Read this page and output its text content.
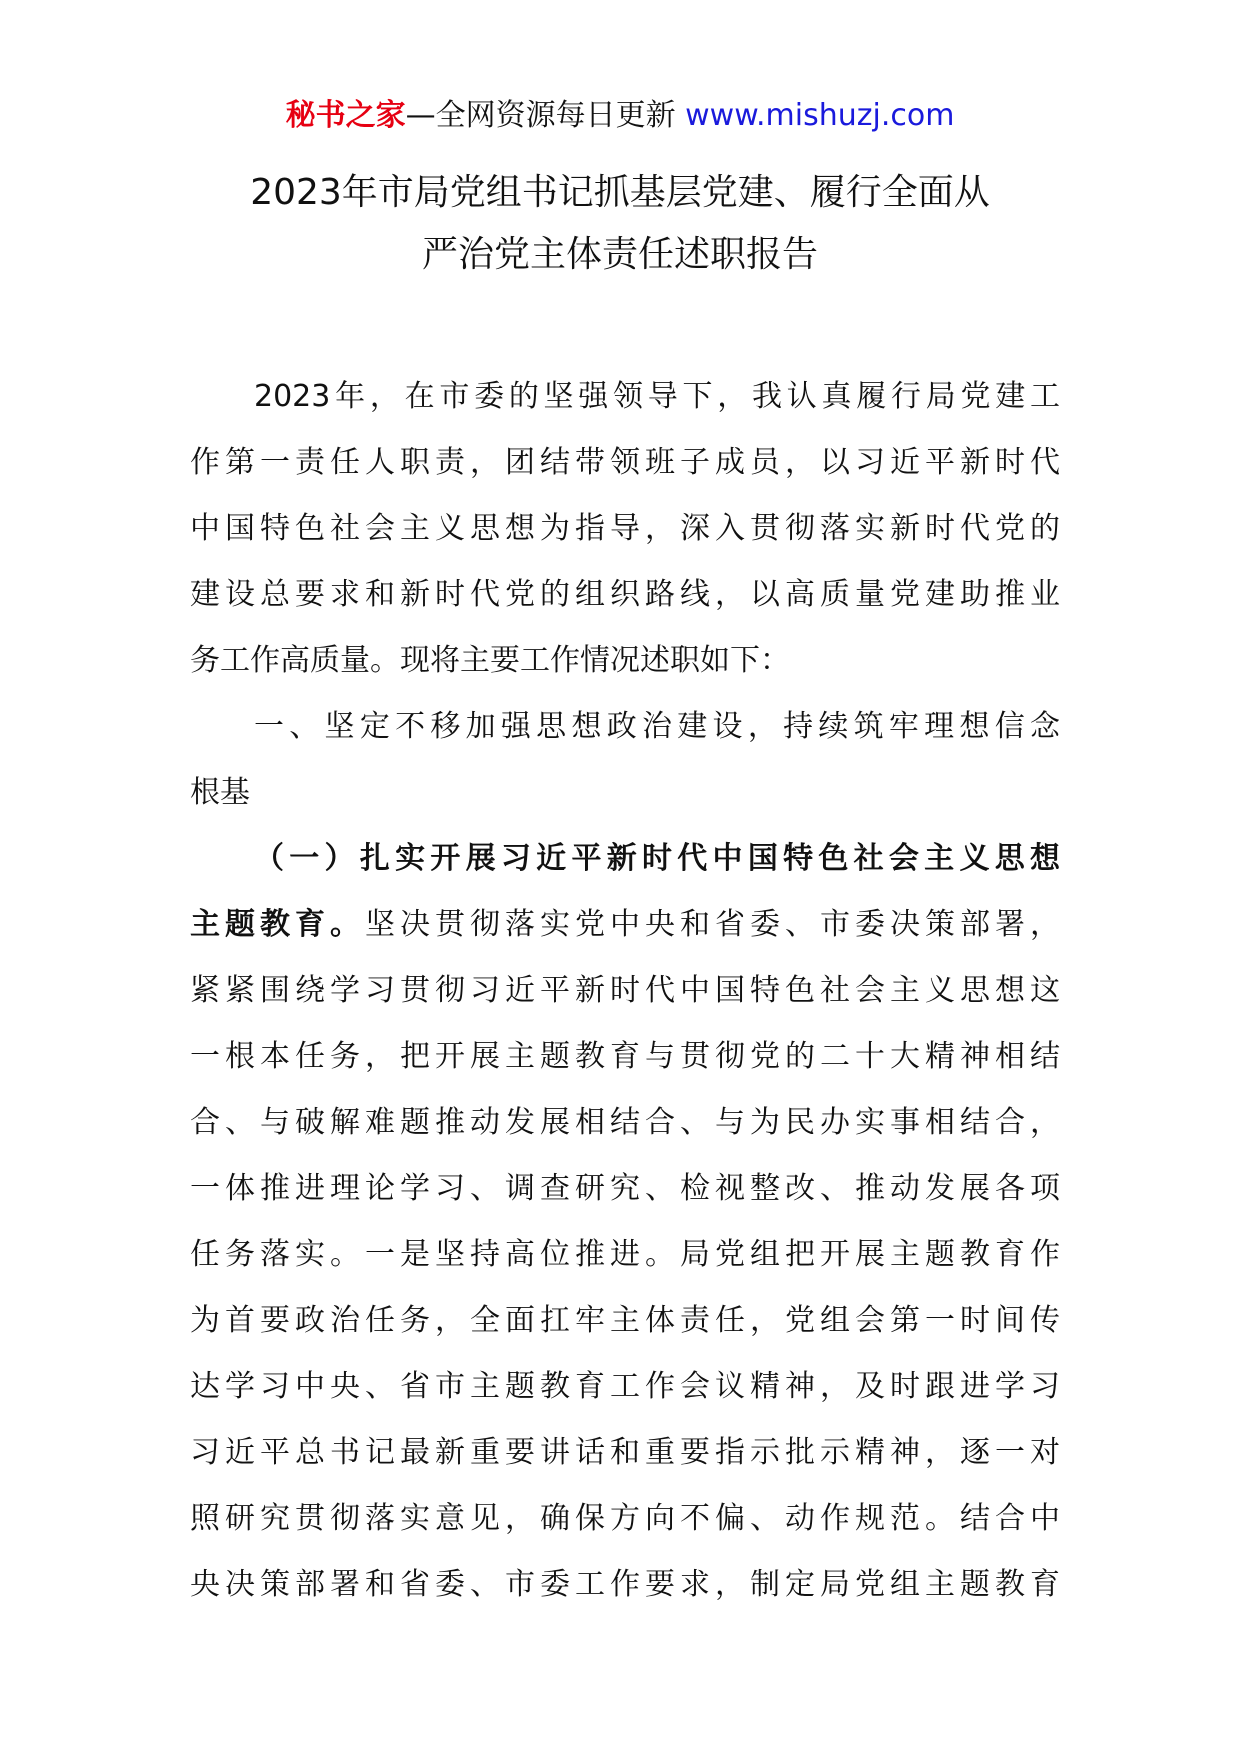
秘书之家—全网资源每日更新 www.mishuzj.com
2023年市局党组书记抓基层党建、履行全面从
严治党主体责任述职报告
2023年，在市委的坚强领导下，我认真履行局党建工
作第一责任人职责，团结带领班子成员，以习近平新时代
中国特色社会主义思想为指导，深入贯彻落实新时代党的
建设总要求和新时代党的组织路线，以高质量党建助推业
务工作高质量。现将主要工作情况述职如下：
一、坚定不移加强思想政治建设，持续筑牢理想信念
根基
（一）扎实开展习近平新时代中国特色社会主义思想
主题教育。坚决贯彻落实党中央和省委、市委决策部署，
紧紧围绕学习贯彻习近平新时代中国特色社会主义思想这
一根本任务，把开展主题教育与贯彻党的二十大精神相结
合、与破解难题推动发展相结合、与为民办实事相结合，
一体推进理论学习、调查研究、检视整改、推动发展各项
任务落实。一是坚持高位推进。局党组把开展主题教育作
为首要政治任务，全面扛牢主体责任，党组会第一时间传
达学习中央、省市主题教育工作会议精神，及时跟进学习
习近平总书记最新重要讲话和重要指示批示精神，逐一对
照研究贯彻落实意见，确保方向不偏、动作规范。结合中
央决策部署和省委、市委工作要求，制定局党组主题教育
